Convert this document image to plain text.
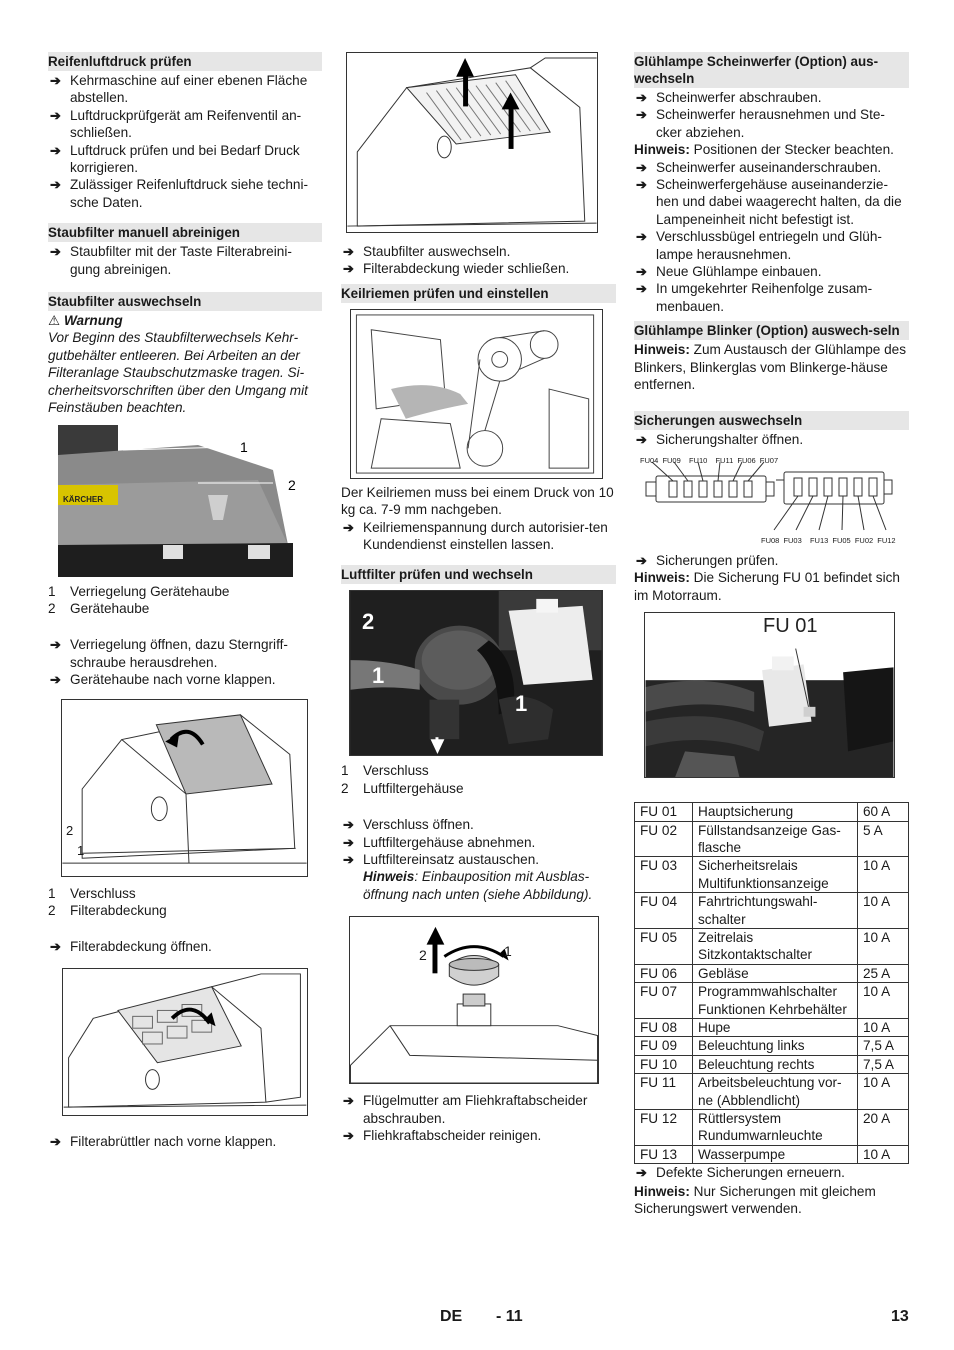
Reifenluftdruck prüfen
➔ Kehrmaschine auf einer ebenen Fläche abstellen.
➔ Luftdruckprüfgerät am Reifenventil an-schließen.
➔ Luftdruck prüfen und bei Bedarf Druck korrigieren.
➔ Zulässiger Reifenluftdruck siehe techni-sche Daten.
Staubfilter manuell abreinigen
➔ Staubfilter mit der Taste Filterabreini-gung abreinigen.
Staubfilter auswechseln
⚠ Warnung
Vor Beginn des Staubfilterwechsels Kehr-gutbehälter entleeren. Bei Arbeiten an der Filteranlage Staubschutzmaske tragen. Si-cherheitsvorschriften über den Umgang mit Feinstäuben beachten.
KÄRCHER
1
2
1 Verriegelung Gerätehaube
2 Gerätehaube
➔ Verriegelung öffnen, dazu Sterngriff-schraube herausdrehen.
➔ Gerätehaube nach vorne klappen.
2
1
1 Verschluss
2 Filterabdeckung
➔ Filterabdeckung öffnen.
➔ Filterabrüttler nach vorne klappen.
➔ Staubfilter auswechseln.
➔ Filterabdeckung wieder schließen.
Keilriemen prüfen und einstellen
Der Keilriemen muss bei einem Druck von 10 kg ca. 7-9 mm nachgeben.
➔ Keilriemenspannung durch autorisier-ten Kundendienst einstellen lassen.
Luftfilter prüfen und wechseln
2
1
1
1 Verschluss
2 Luftfiltergehäuse
➔ Verschluss öffnen.
➔ Luftfiltergehäuse abnehmen.
➔ Luftfiltereinsatz austauschen.
Hinweis: Einbauposition mit Ausblas-öffnung nach unten (siehe Abbildung).
2	1
➔ Flügelmutter am Fliehkraftabscheider abschrauben.
➔ Fliehkraftabscheider reinigen.
Glühlampe Scheinwerfer (Option) aus-wechseln
➔ Scheinwerfer abschrauben.
➔ Scheinwerfer herausnehmen und Ste-cker abziehen.
Hinweis: Positionen der Stecker beachten.
➔ Scheinwerfer auseinanderschrauben.
➔ Scheinwerfergehäuse auseinanderzie-hen und dabei waagerecht halten, da die Lampeneinheit nicht befestigt ist.
➔ Verschlussbügel entriegeln und Glüh-lampe herausnehmen.
➔ Neue Glühlampe einbauen.
➔ In umgekehrter Reihenfolge zusam-menbauen.
Glühlampe Blinker (Option) auswech-seln
Hinweis: Zum Austausch der Glühlampe des Blinkers, Blinkerglas vom Blinkerge-häuse entfernen.
Sicherungen auswechseln
➔ Sicherungshalter öffnen.
FU04 FU09 FU10 FU11 FU06 FU07
FU08 FU03 FU13 FU05 FU02 FU12
➔ Sicherungen prüfen.
Hinweis: Die Sicherung FU 01 befindet sich im Motorraum.
FU 01
FU 01	Hauptsicherung	60 A
FU 02	Füllstandsanzeige Gas-flasche	5 A
FU 03	Sicherheitsrelais Multifunktionsanzeige	10 A
FU 04	Fahrtrichtungswahl-schalter	10 A
FU 05	Zeitrelais Sitzkontaktschalter	10 A
FU 06	Gebläse	25 A
FU 07	Programmwahlschalter Funktionen Kehrbehälter	10 A
FU 08	Hupe	10 A
FU 09	Beleuchtung links	7,5 A
FU 10	Beleuchtung rechts	7,5 A
FU 11	Arbeitsbeleuchtung vor-ne (Abblendlicht)	10 A
FU 12	Rüttlersystem Rundumwarnleuchte	20 A
FU 13	Wasserpumpe	10 A
➔ Defekte Sicherungen erneuern.
Hinweis: Nur Sicherungen mit gleichem Sicherungswert verwenden.
DE - 11	13
